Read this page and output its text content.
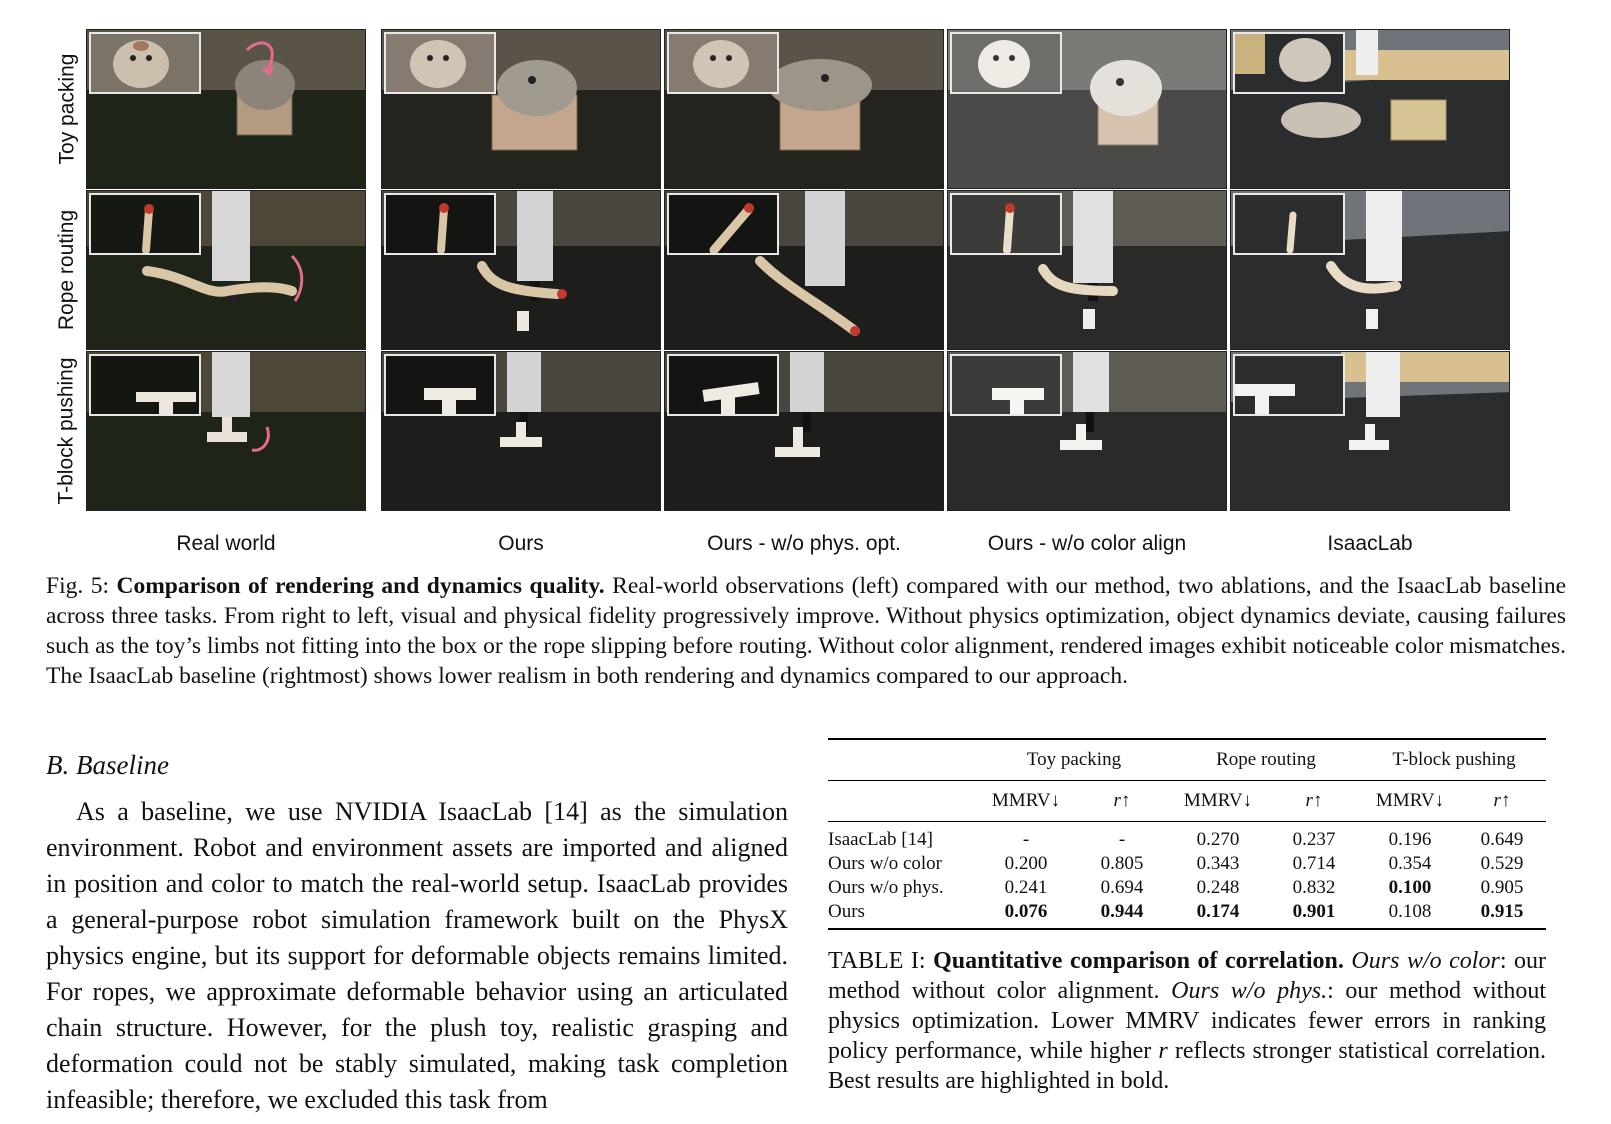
Toy packing
Rope routing
T-block pushing
Real world	Ours	Ours - w/o phys. opt.	Ours - w/o color align	IsaacLab
Fig. 5: Comparison of rendering and dynamics quality. Real-world observations (left) compared with our method, two ablations, and the IsaacLab baseline across three tasks. From right to left, visual and physical fidelity progressively improve. Without physics optimization, object dynamics deviate, causing failures such as the toy’s limbs not fitting into the box or the rope slipping before routing. Without color alignment, rendered images exhibit noticeable color mismatches. The IsaacLab baseline (rightmost) shows lower realism in both rendering and dynamics compared to our approach.
B. Baseline
As a baseline, we use NVIDIA IsaacLab [14] as the simulation environment. Robot and environment assets are imported and aligned in position and color to match the real-world setup. IsaacLab provides a general-purpose robot simulation framework built on the PhysX physics engine, but its support for deformable objects remains limited. For ropes, we approximate deformable behavior using an articulated chain structure. However, for the plush toy, realistic grasping and deformation could not be stably simulated, making task completion infeasible; therefore, we excluded this task from
	Toy packing		Rope routing		T-block pushing	
	MMRV↓	r↑	MMRV↓	r↑	MMRV↓	r↑
IsaacLab [14]	-	-	0.270	0.237	0.196	0.649
Ours w/o color	0.200	0.805	0.343	0.714	0.354	0.529
Ours w/o phys.	0.241	0.694	0.248	0.832	0.100	0.905
Ours	0.076	0.944	0.174	0.901	0.108	0.915
TABLE I: Quantitative comparison of correlation. Ours w/o color: our method without color alignment. Ours w/o phys.: our method without physics optimization. Lower MMRV indicates fewer errors in ranking policy performance, while higher r reflects stronger statistical correlation. Best results are highlighted in bold.
